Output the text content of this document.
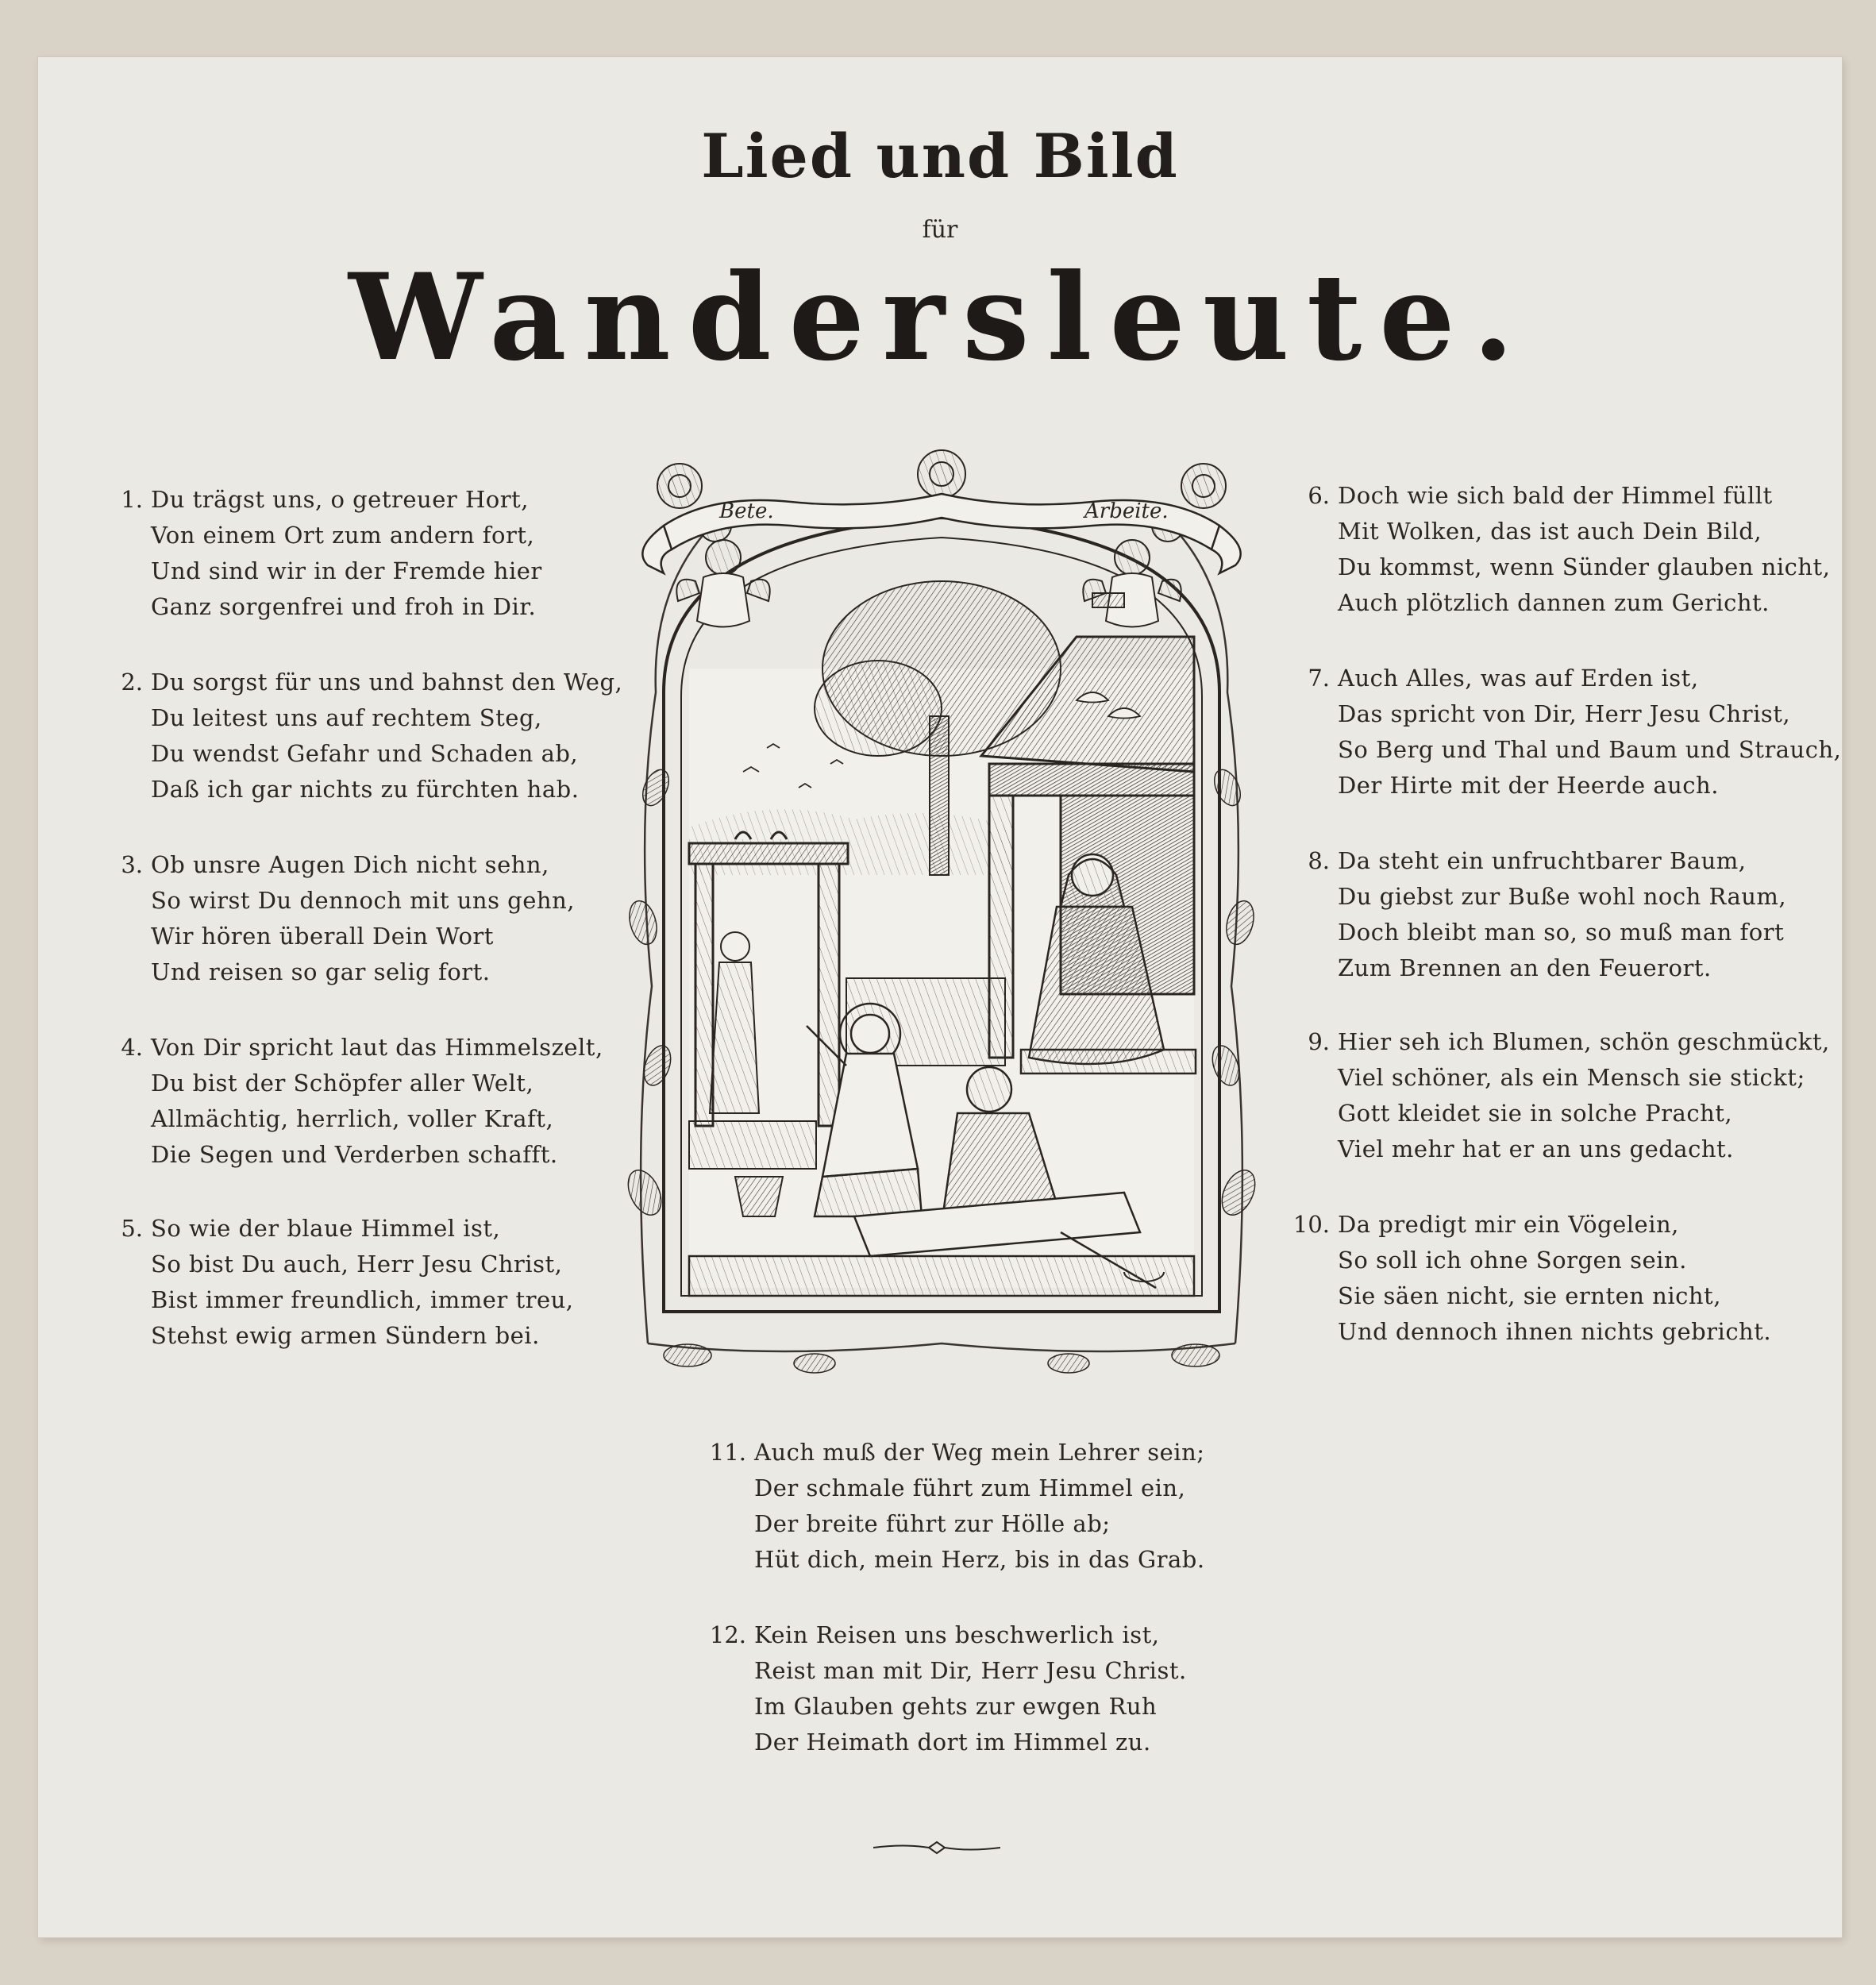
Lied und Bild
für
Wandersleute.
1. Du trägst uns, o getreuer Hort,
Von einem Ort zum andern fort,
Und sind wir in der Fremde hier
Ganz sorgenfrei und froh in Dir.
2. Du sorgst für uns und bahnst den Weg,
Du leitest uns auf rechtem Steg,
Du wendst Gefahr und Schaden ab,
Daß ich gar nichts zu fürchten hab.
3. Ob unsre Augen Dich nicht sehn,
So wirst Du dennoch mit uns gehn,
Wir hören überall Dein Wort
Und reisen so gar selig fort.
4. Von Dir spricht laut das Himmelszelt,
Du bist der Schöpfer aller Welt,
Allmächtig, herrlich, voller Kraft,
Die Segen und Verderben schafft.
5. So wie der blaue Himmel ist,
So bist Du auch, Herr Jesu Christ,
Bist immer freundlich, immer treu,
Stehst ewig armen Sündern bei.
6. Doch wie sich bald der Himmel füllt
Mit Wolken, das ist auch Dein Bild,
Du kommst, wenn Sünder glauben nicht,
Auch plötzlich dannen zum Gericht.
7. Auch Alles, was auf Erden ist,
Das spricht von Dir, Herr Jesu Christ,
So Berg und Thal und Baum und Strauch,
Der Hirte mit der Heerde auch.
8. Da steht ein unfruchtbarer Baum,
Du giebst zur Buße wohl noch Raum,
Doch bleibt man so, so muß man fort
Zum Brennen an den Feuerort.
9. Hier seh ich Blumen, schön geschmückt,
Viel schöner, als ein Mensch sie stickt;
Gott kleidet sie in solche Pracht,
Viel mehr hat er an uns gedacht.
10. Da predigt mir ein Vögelein,
So soll ich ohne Sorgen sein.
Sie säen nicht, sie ernten nicht,
Und dennoch ihnen nichts gebricht.
11. Auch muß der Weg mein Lehrer sein;
Der schmale führt zum Himmel ein,
Der breite führt zur Hölle ab;
Hüt dich, mein Herz, bis in das Grab.
12. Kein Reisen uns beschwerlich ist,
Reist man mit Dir, Herr Jesu Christ.
Im Glauben gehts zur ewgen Ruh
Der Heimath dort im Himmel zu.
Bete.	Arbeite.
